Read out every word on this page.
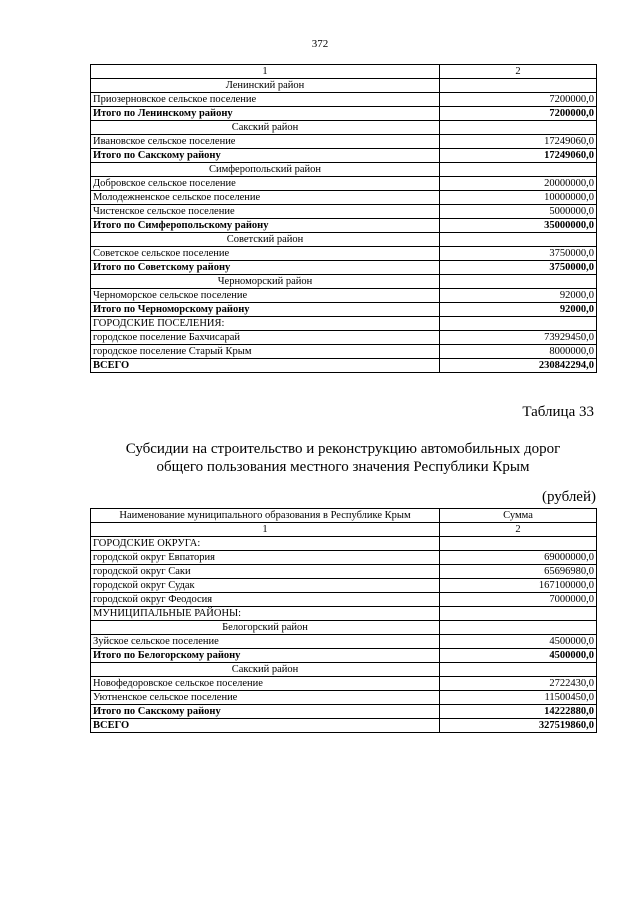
372
1	2
Ленинский район	
Приозерновское сельское поселение	7200000,0
Итого по Ленинскому району	7200000,0
Сакский район	
Ивановское сельское поселение	17249060,0
Итого по Сакскому району	17249060,0
Симферопольский район	
Добровское сельское поселение	20000000,0
Молодежненское сельское поселение	10000000,0
Чистенское сельское поселение	5000000,0
Итого по Симферопольскому району	35000000,0
Советский район	
Советское сельское поселение	3750000,0
Итого по Советскому району	3750000,0
Черноморский район	
Черноморское сельское поселение	92000,0
Итого по Черноморскому району	92000,0
ГОРОДСКИЕ ПОСЕЛЕНИЯ:	
городское поселение Бахчисарай	73929450,0
городское поселение Старый Крым	8000000,0
ВСЕГО	230842294,0
Таблица 33
Субсидии на строительство и реконструкцию автомобильных дорог
общего пользования местного значения Республики Крым
(рублей)
Наименование муниципального образования в Республике Крым	Сумма
1	2
ГОРОДСКИЕ ОКРУГА:	
городской округ Евпатория	69000000,0
городской округ Саки	65696980,0
городской округ Судак	167100000,0
городской округ Феодосия	7000000,0
МУНИЦИПАЛЬНЫЕ РАЙОНЫ:	
Белогорский район	
Зуйское сельское поселение	4500000,0
Итого по Белогорскому району	4500000,0
Сакский район	
Новофедоровское сельское поселение	2722430,0
Уютненское сельское поселение	11500450,0
Итого по Сакскому району	14222880,0
ВСЕГО	327519860,0
